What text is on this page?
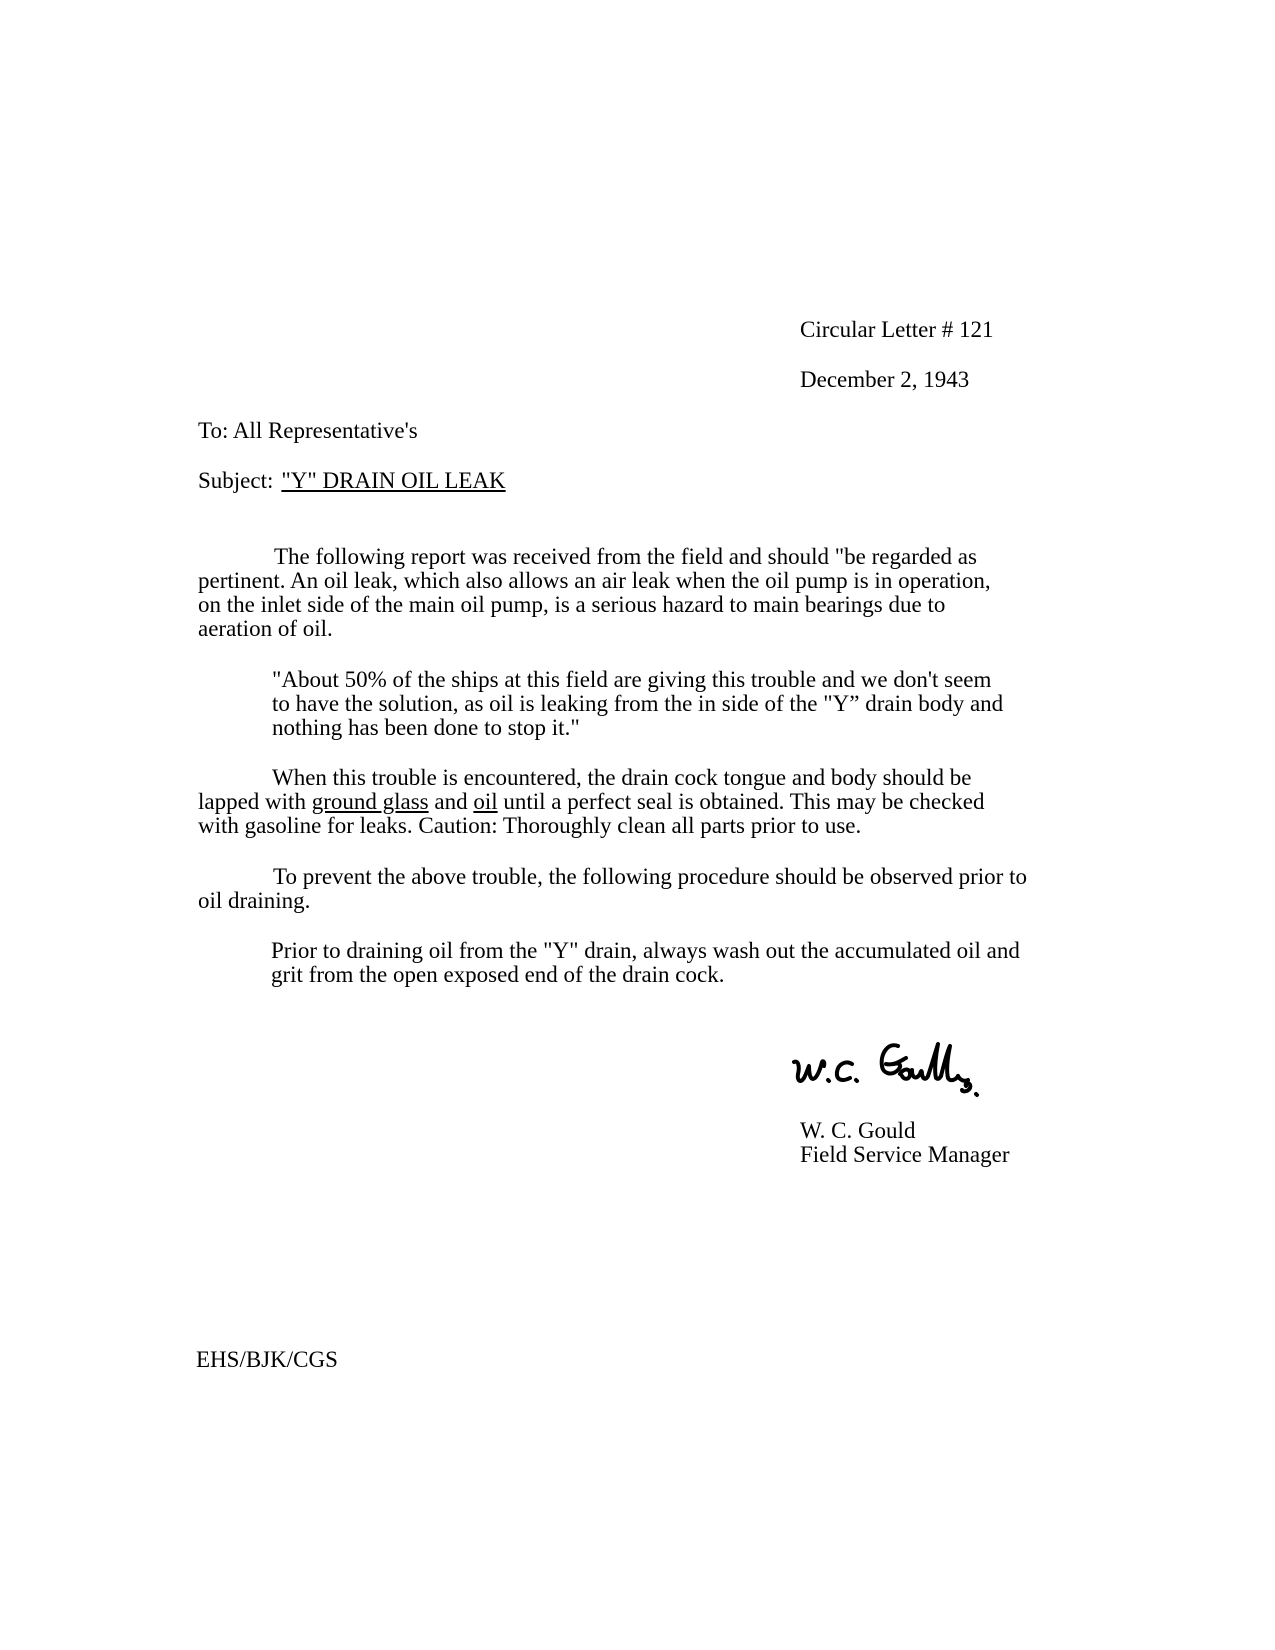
Circular Letter # 121
December 2, 1943
To: All Representative's
Subject: "Y" DRAIN OIL LEAK
The following report was received from the field and should "be regarded as pertinent. An oil leak, which also allows an air leak when the oil pump is in operation, on the inlet side of the main oil pump, is a serious hazard to main bearings due to aeration of oil.
"About 50% of the ships at this field are giving this trouble and we don't seem to have the solution, as oil is leaking from the in side of the "Y” drain body and nothing has been done to stop it."
When this trouble is encountered, the drain cock tongue and body should be lapped with ground glass and oil until a perfect seal is obtained. This may be checked with gasoline for leaks. Caution: Thoroughly clean all parts prior to use.
To prevent the above trouble, the following procedure should be observed prior to oil draining.
Prior to draining oil from the "Y" drain, always wash out the accumulated oil and grit from the open exposed end of the drain cock.
W. C. Gould
Field Service Manager
EHS/BJK/CGS
